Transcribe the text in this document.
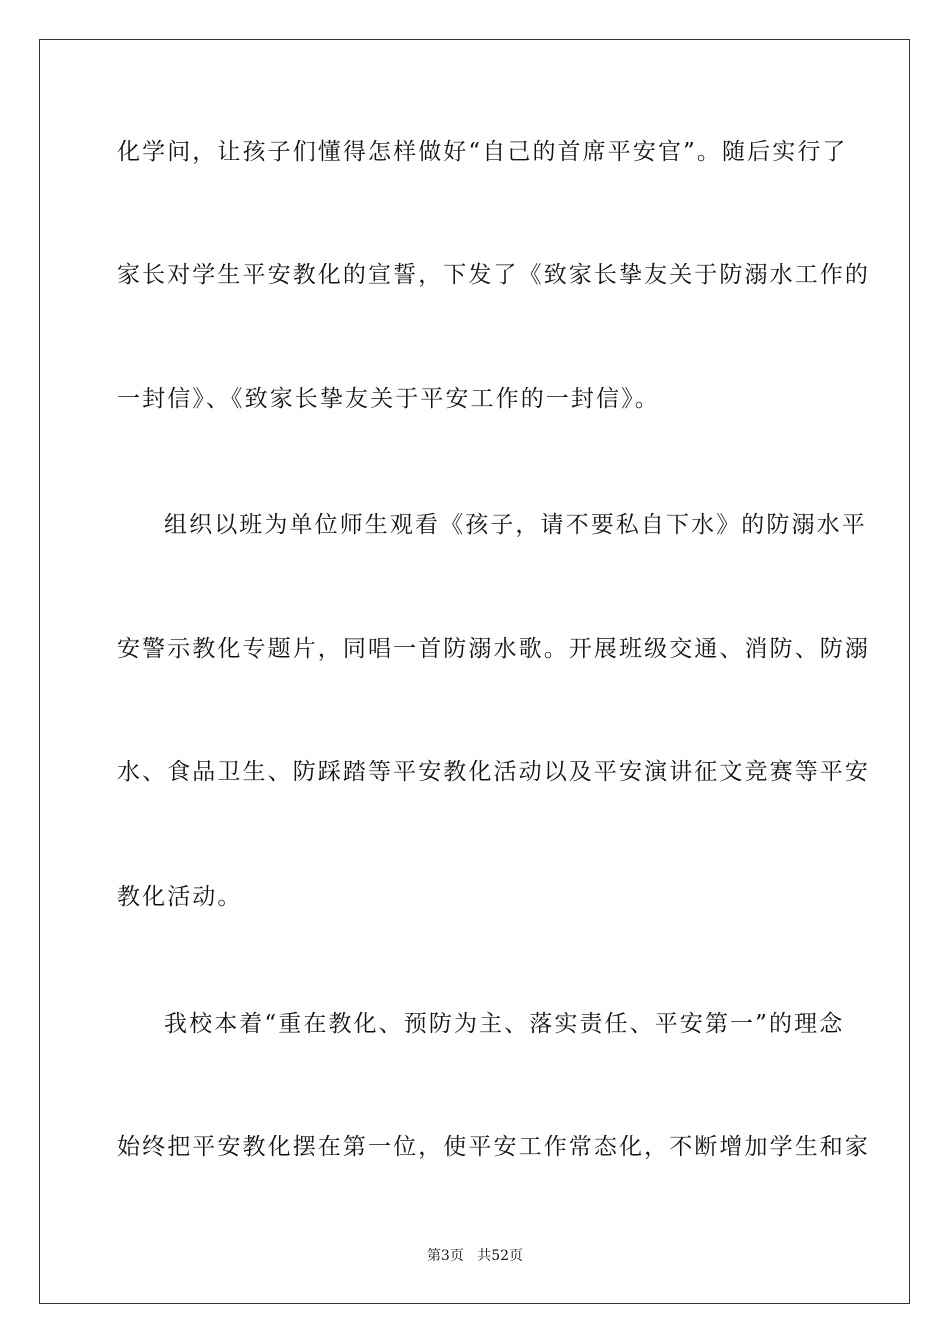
化学问，让孩子们懂得怎样做好“自己的首席平安官”。随后实行了
家长对学生平安教化的宣誓，下发了《致家长挚友关于防溺水工作的
一封信》、《致家长挚友关于平安工作的一封信》。
组织以班为单位师生观看《孩子，请不要私自下水》的防溺水平
安警示教化专题片，同唱一首防溺水歌。开展班级交通、消防、防溺
水、食品卫生、防踩踏等平安教化活动以及平安演讲征文竞赛等平安
教化活动。
我校本着“重在教化、预防为主、落实责任、平安第一”的理念
始终把平安教化摆在第一位，使平安工作常态化，不断增加学生和家
第3页 共52页
